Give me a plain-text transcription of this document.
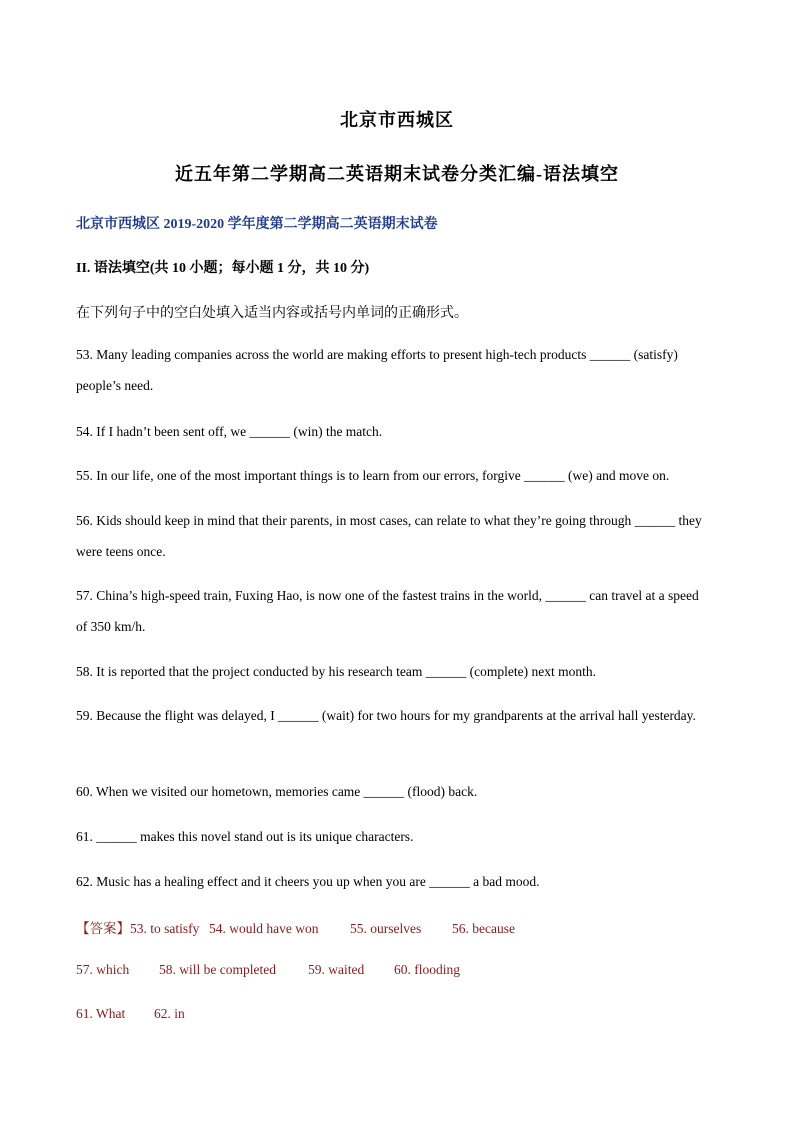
北京市西城区
近五年第二学期高二英语期末试卷分类汇编-语法填空
北京市西城区 2019-2020 学年度第二学期高二英语期末试卷
II. 语法填空(共 10 小题；每小题 1 分，共 10 分)
在下列句子中的空白处填入适当内容或括号内单词的正确形式。
53. Many leading companies across the world are making efforts to present high-tech products ______ (satisfy) people’s need.
54. If I hadn’t been sent off, we ______ (win) the match.
55. In our life, one of the most important things is to learn from our errors, forgive ______ (we) and move on.
56. Kids should keep in mind that their parents, in most cases, can relate to what they’re going through ______ they were teens once.
57. China’s high-speed train, Fuxing Hao, is now one of the fastest trains in the world, ______ can travel at a speed of 350 km/h.
58. It is reported that the project conducted by his research team ______ (complete) next month.
59. Because the flight was delayed, I ______ (wait) for two hours for my grandparents at the arrival hall yesterday.
60. When we visited our hometown, memories came ______ (flood) back.
61. ______ makes this novel stand out is its unique characters.
62. Music has a healing effect and it cheers you up when you are ______ a bad mood.
【答案】53. to satisfy 54. would have won 55. ourselves 56. because
57. which 58. will be completed 59. waited 60. flooding
61. What 62. in
